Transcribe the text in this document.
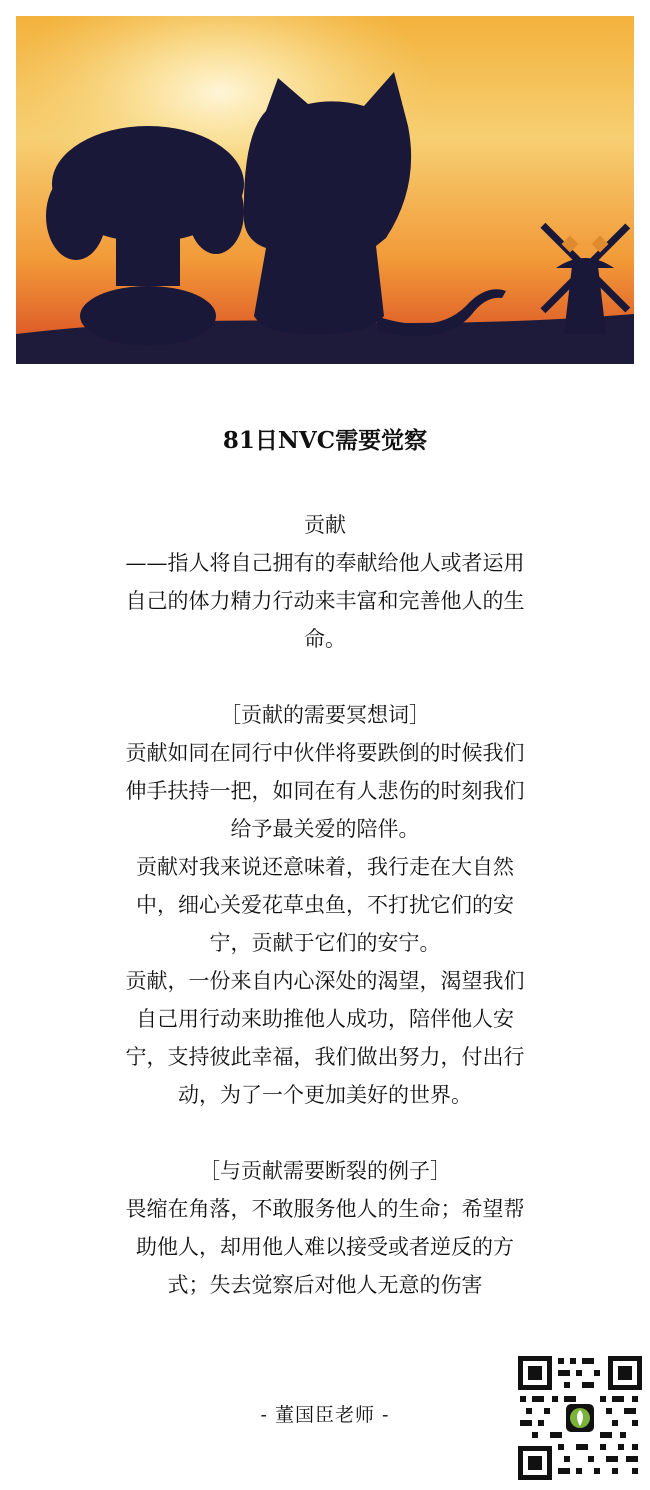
81日NVC需要觉察
贡献
——指人将自己拥有的奉献给他人或者运用
自己的体力精力行动来丰富和完善他人的生
命。
［贡献的需要冥想词］
贡献如同在同行中伙伴将要跌倒的时候我们
伸手扶持一把，如同在有人悲伤的时刻我们
给予最关爱的陪伴。
贡献对我来说还意味着，我行走在大自然
中，细心关爱花草虫鱼，不打扰它们的安
宁，贡献于它们的安宁。
贡献，一份来自内心深处的渴望，渴望我们
自己用行动来助推他人成功，陪伴他人安
宁，支持彼此幸福，我们做出努力，付出行
动，为了一个更加美好的世界。
［与贡献需要断裂的例子］
畏缩在角落，不敢服务他人的生命；希望帮
助他人，却用他人难以接受或者逆反的方
式；失去觉察后对他人无意的伤害
- 董国臣老师 -
